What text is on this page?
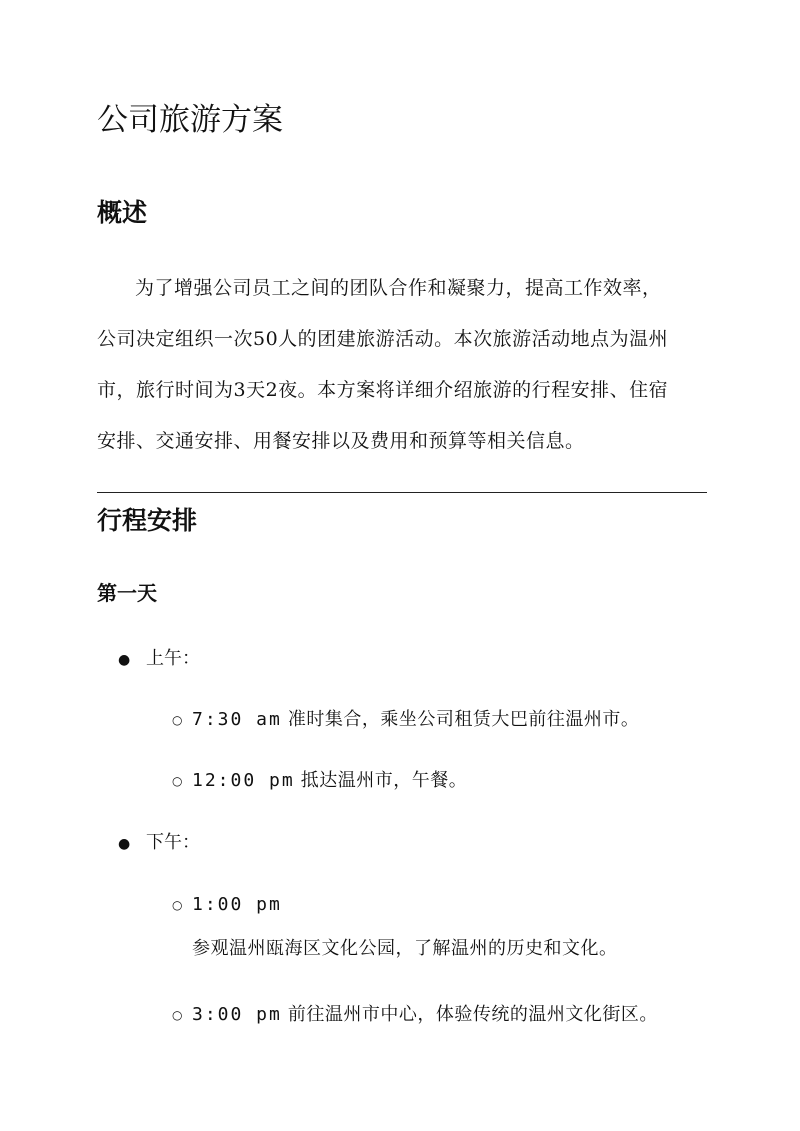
公司旅游方案
概述

为了增强公司员工之间的团队合作和凝聚力，提高工作效率，
公司决定组织一次50人的团建旅游活动。本次旅游活动地点为温州
市，旅行时间为3天2夜。本方案将详细介绍旅游的行程安排、住宿
安排、交通安排、用餐安排以及费用和预算等相关信息。

行程安排
第一天
● 上午：
○ 7:30 am 准时集合，乘坐公司租赁大巴前往温州市。
○ 12:00 pm 抵达温州市，午餐。
● 下午：
○ 1:00 pm
参观温州瓯海区文化公园，了解温州的历史和文化。
○ 3:00 pm 前往温州市中心，体验传统的温州文化街区。
